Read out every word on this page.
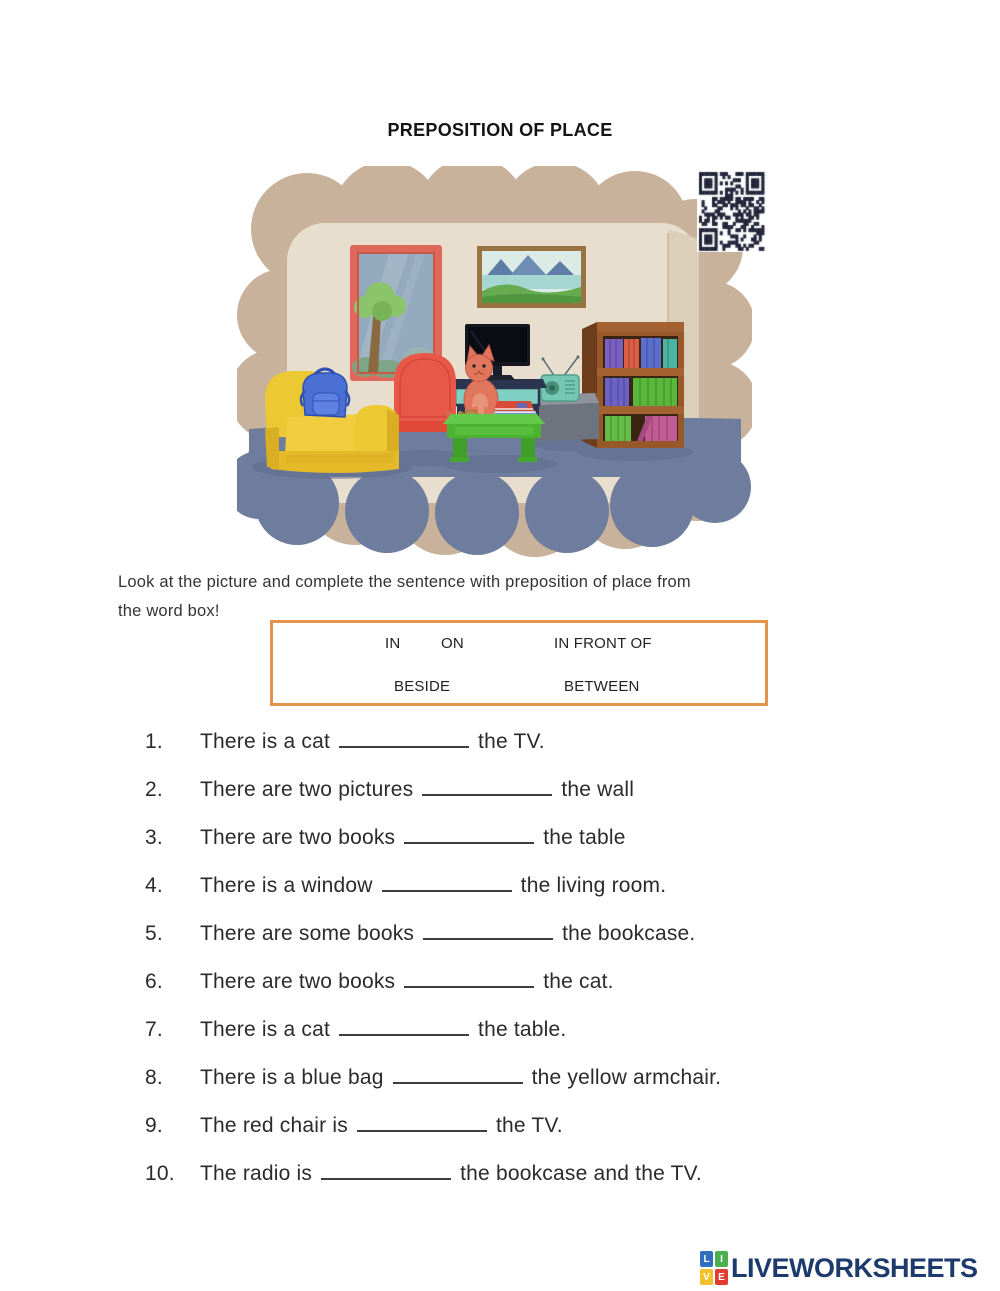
PREPOSITION OF PLACE
Look at the picture and complete the sentence with preposition of place from
the word box!
IN	ON	IN FRONT OF
BESIDE	BETWEEN
1. There is a cat	the TV.
2. There are two pictures	the wall
3. There are two books	the table
4. There is a window	the living room.
5. There are some books	the bookcase.
6. There are two books	the cat.
7. There is a cat	the table.
8. There is a blue bag	the yellow armchair.
9. The red chair is	the TV.
10. The radio is	the bookcase and the TV.
L	I
V E LIVEWORKSHEETS
